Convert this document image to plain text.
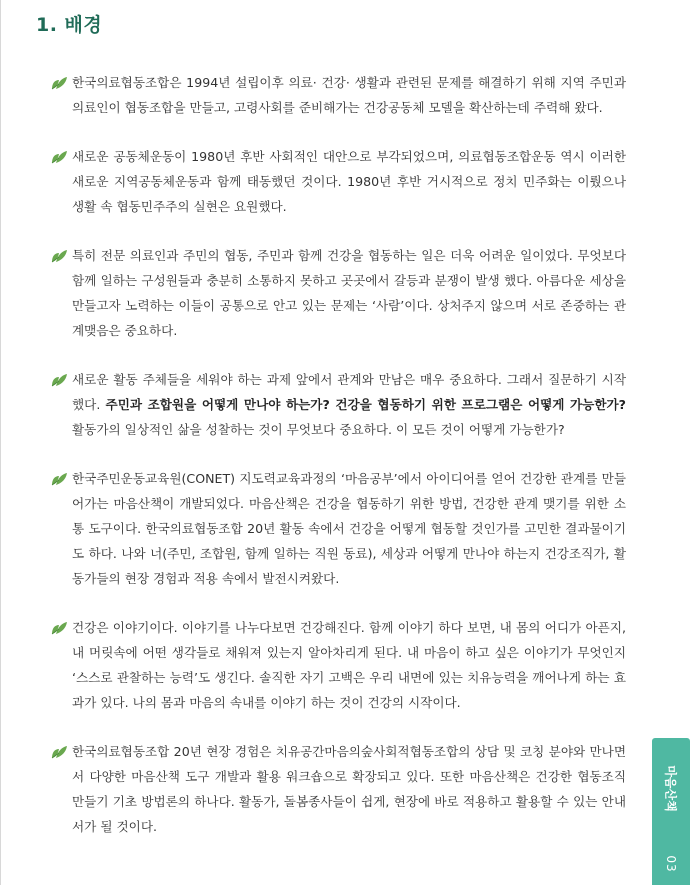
1. 배경

한국의료협동조합은 1994년 설립이후 의료· 건강· 생활과 관련된 문제를 해결하기 위해 지역 주민과 의료인이 협동조합을 만들고, 고령사회를 준비해가는 건강공동체 모델을 확산하는데 주력해 왔다.

새로운 공동체운동이 1980년 후반 사회적인 대안으로 부각되었으며, 의료협동조합운동 역시 이러한 새로운 지역공동체운동과 함께 태동했던 것이다. 1980년 후반 거시적으로 정치 민주화는 이뤘으나 생활 속 협동민주주의 실현은 요원했다.

특히 전문 의료인과 주민의 협동, 주민과 함께 건강을 협동하는 일은 더욱 어려운 일이었다. 무엇보다 함께 일하는 구성원들과 충분히 소통하지 못하고 곳곳에서 갈등과 분쟁이 발생 했다. 아름다운 세상을 만들고자 노력하는 이들이 공통으로 안고 있는 문제는 ‘사람’이다. 상처주지 않으며 서로 존중하는 관계맺음은 중요하다.

새로운 활동 주체들을 세워야 하는 과제 앞에서 관계와 만남은 매우 중요하다. 그래서 질문하기 시작했다. 주민과 조합원을 어떻게 만나야 하는가? 건강을 협동하기 위한 프로그램은 어떻게 가능한가? 활동가의 일상적인 삶을 성찰하는 것이 무엇보다 중요하다. 이 모든 것이 어떻게 가능한가?

한국주민운동교육원(CONET) 지도력교육과정의 ‘마음공부’에서 아이디어를 얻어 건강한 관계를 만들어가는 마음산책이 개발되었다. 마음산책은 건강을 협동하기 위한 방법, 건강한 관계 맺기를 위한 소통 도구이다. 한국의료협동조합 20년 활동 속에서 건강을 어떻게 협동할 것인가를 고민한 결과물이기도 하다. 나와 너(주민, 조합원, 함께 일하는 직원 동료), 세상과 어떻게 만나야 하는지 건강조직가, 활동가들의 현장 경험과 적용 속에서 발전시켜왔다.

건강은 이야기이다. 이야기를 나누다보면 건강해진다. 함께 이야기 하다 보면, 내 몸의 어디가 아픈지, 내 머릿속에 어떤 생각들로 채워져 있는지 알아차리게 된다. 내 마음이 하고 싶은 이야기가 무엇인지 ‘스스로 관찰하는 능력’도 생긴다. 솔직한 자기 고백은 우리 내면에 있는 치유능력을 깨어나게 하는 효과가 있다. 나의 몸과 마음의 속내를 이야기 하는 것이 건강의 시작이다.

한국의료협동조합 20년 현장 경험은 치유공간마음의숲사회적협동조합의 상담 및 코칭 분야와 만나면서 다양한 마음산책 도구 개발과 활용 워크숍으로 확장되고 있다. 또한 마음산책은 건강한 협동조직 만들기 기초 방법론의 하나다. 활동가, 돌봄종사들이 쉽게, 현장에 바로 적용하고 활용할 수 있는 안내서가 될 것이다.

마음산책
03
